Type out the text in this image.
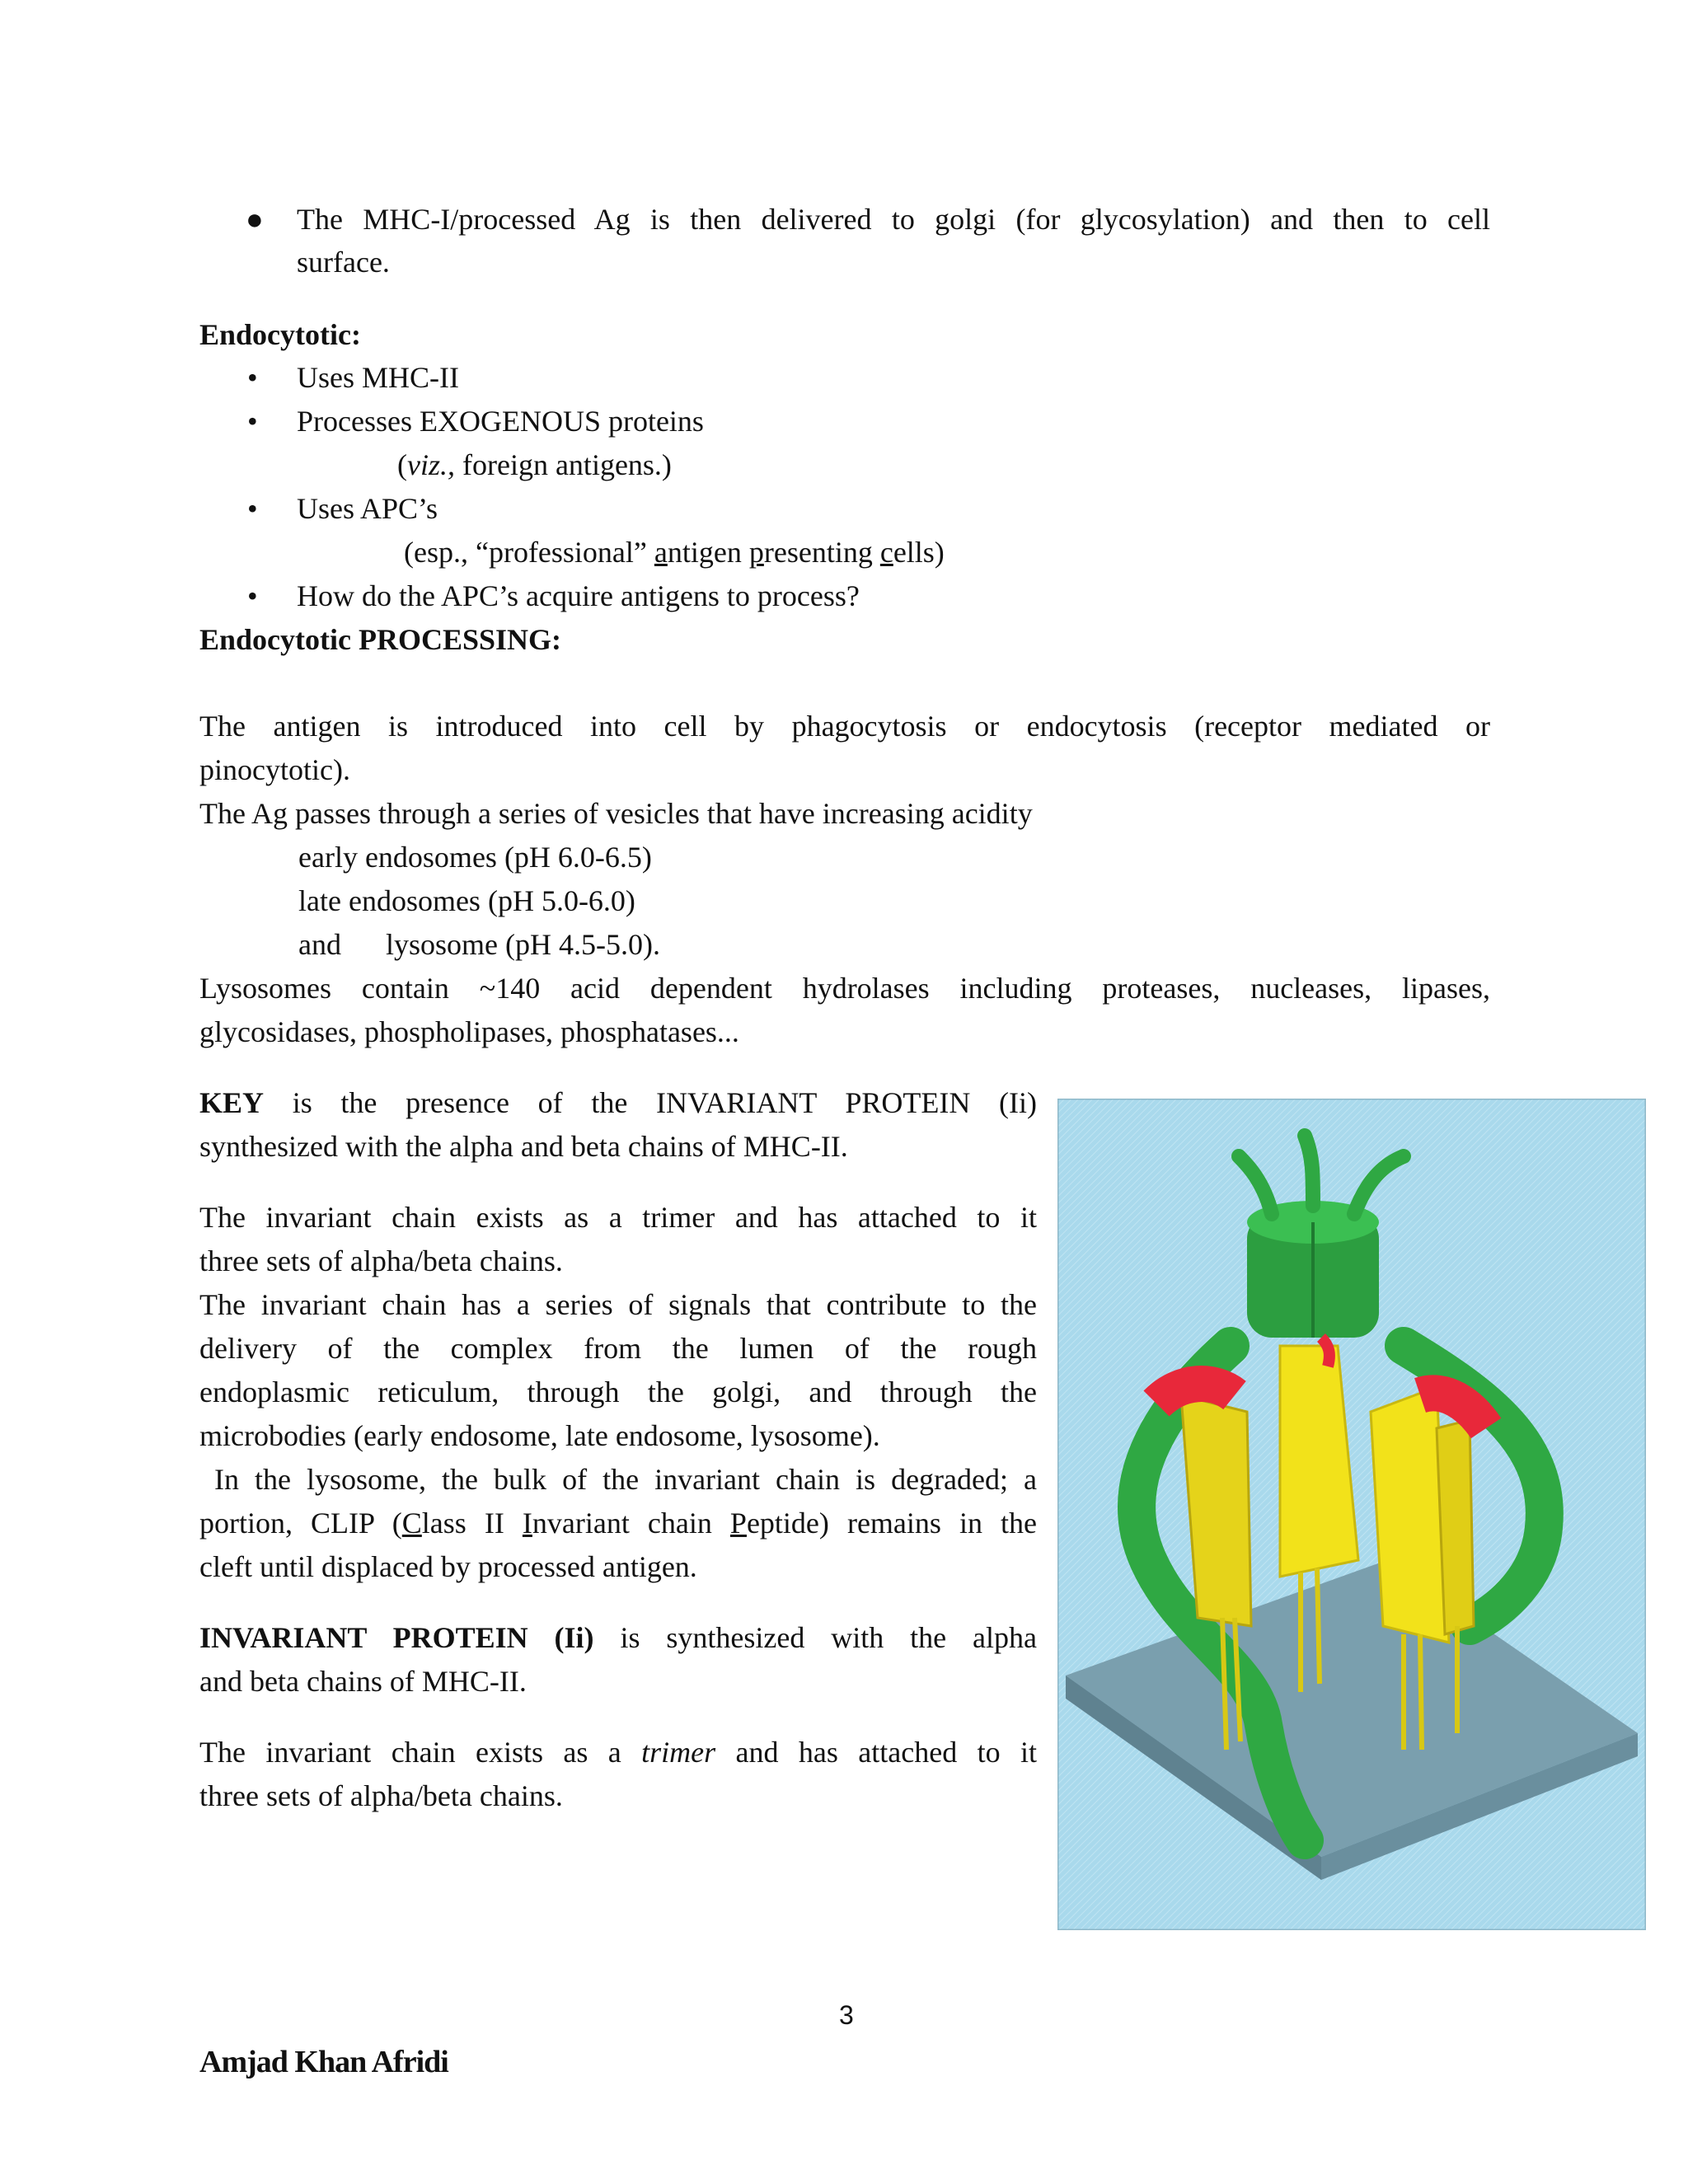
● The MHC-I/processed Ag is then delivered to golgi (for glycosylation) and then to cell
surface.
Endocytotic:
• Uses MHC-II
• Processes EXOGENOUS proteins
(viz., foreign antigens.)
• Uses APC’s
(esp., “professional” antigen presenting cells)
• How do the APC’s acquire antigens to process?
Endocytotic PROCESSING:
The antigen is introduced into cell by phagocytosis or endocytosis (receptor mediated or
pinocytotic).
The Ag passes through a series of vesicles that have increasing acidity
early endosomes (pH 6.0-6.5)
late endosomes (pH 5.0-6.0)
and      lysosome (pH 4.5-5.0).
Lysosomes contain ~140 acid dependent hydrolases including proteases, nucleases, lipases,
glycosidases, phospholipases, phosphatases...
KEY is the presence of the INVARIANT PROTEIN (Ii)
synthesized with the alpha and beta chains of MHC-II.
The invariant chain exists as a trimer and has attached to it
three sets of alpha/beta chains.
The invariant chain has a series of signals that contribute to the
delivery of the complex from the lumen of the rough
endoplasmic reticulum, through the golgi, and through the
microbodies (early endosome, late endosome, lysosome).
In the lysosome, the bulk of the invariant chain is degraded; a
portion, CLIP (Class II Invariant chain Peptide) remains in the
cleft until displaced by processed antigen.
INVARIANT PROTEIN (Ii) is synthesized with the alpha
and beta chains of MHC-II.
The invariant chain exists as a trimer and has attached to it
three sets of alpha/beta chains.
3
Amjad Khan Afridi
